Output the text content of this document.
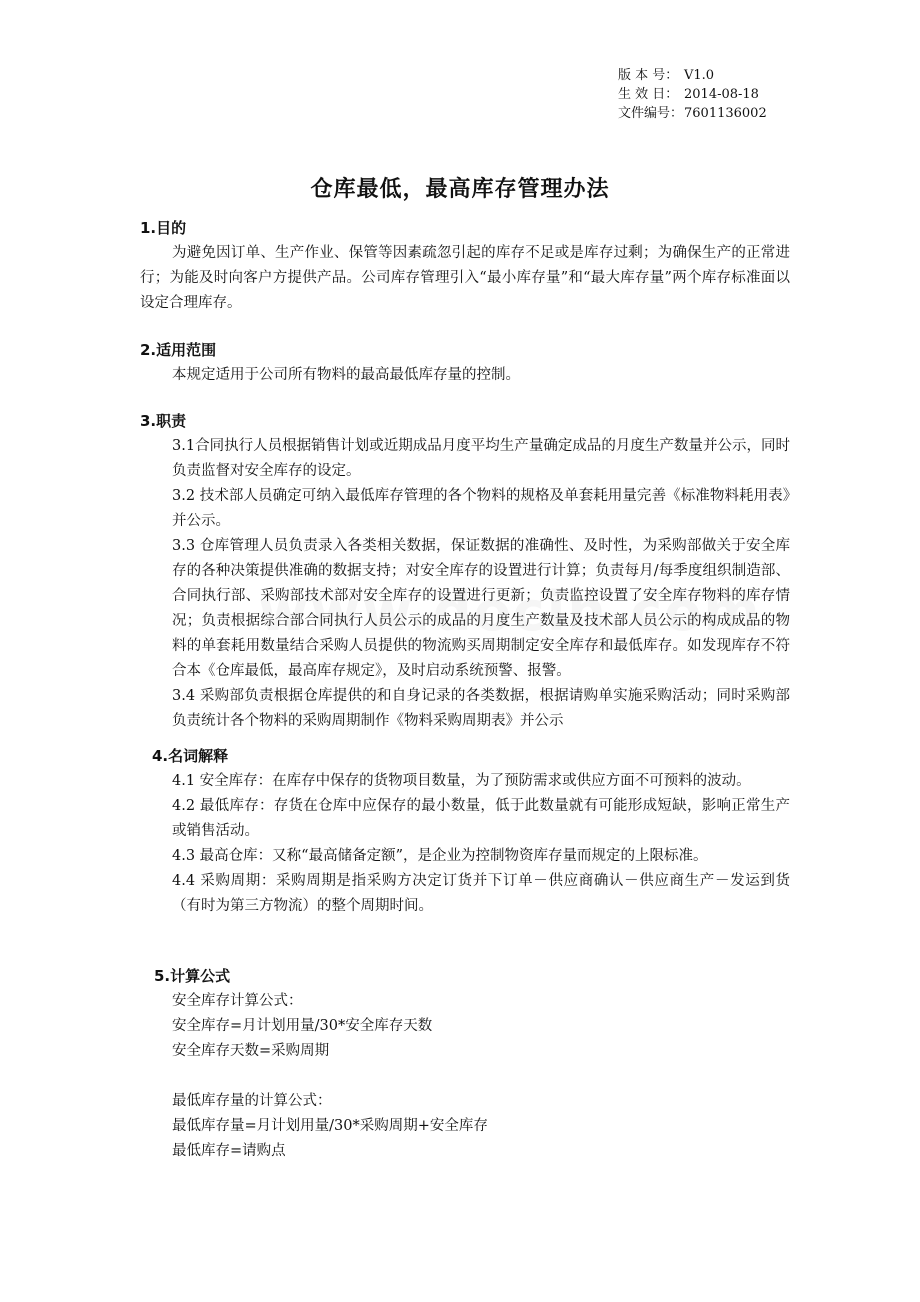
版 本 号： V1.0
生 效 日： 2014-08-18
文件编号：7601136002
仓库最低，最高库存管理办法
1.目的
为避免因订单、生产作业、保管等因素疏忽引起的库存不足或是库存过剩；为确保生产的正常进行；为能及时向客户方提供产品。公司库存管理引入“最小库存量”和“最大库存量”两个库存标准面以设定合理库存。
2.适用范围
本规定适用于公司所有物料的最高最低库存量的控制。
3.职责
3.1合同执行人员根据销售计划或近期成品月度平均生产量确定成品的月度生产数量并公示，同时负责监督对安全库存的设定。
3.2 技术部人员确定可纳入最低库存管理的各个物料的规格及单套耗用量完善《标准物料耗用表》并公示。
3.3 仓库管理人员负责录入各类相关数据，保证数据的准确性、及时性，为采购部做关于安全库存的各种决策提供准确的数据支持；对安全库存的设置进行计算；负责每月/每季度组织制造部、合同执行部、采购部技术部对安全库存的设置进行更新；负责监控设置了安全库存物料的库存情况；负责根据综合部合同执行人员公示的成品的月度生产数量及技术部人员公示的构成成品的物料的单套耗用数量结合采购人员提供的物流购买周期制定安全库存和最低库存。如发现库存不符合本《仓库最低，最高库存规定》，及时启动系统预警、报警。
3.4 采购部负责根据仓库提供的和自身记录的各类数据，根据请购单实施采购活动；同时采购部负责统计各个物料的采购周期制作《物料采购周期表》并公示
4.名词解释
4.1 安全库存：在库存中保存的货物项目数量，为了预防需求或供应方面不可预料的波动。
4.2 最低库存：存货在仓库中应保存的最小数量，低于此数量就有可能形成短缺，影响正常生产或销售活动。
4.3 最高仓库：又称“最高储备定额”，是企业为控制物资库存量而规定的上限标准。
4.4 采购周期：采购周期是指采购方决定订货并下订单－供应商确认－供应商生产－发运到货（有时为第三方物流）的整个周期时间。
5.计算公式
安全库存计算公式：
安全库存=月计划用量/30*安全库存天数
安全库存天数=采购周期
最低库存量的计算公式：
最低库存量=月计划用量/30*采购周期+安全库存
最低库存=请购点
